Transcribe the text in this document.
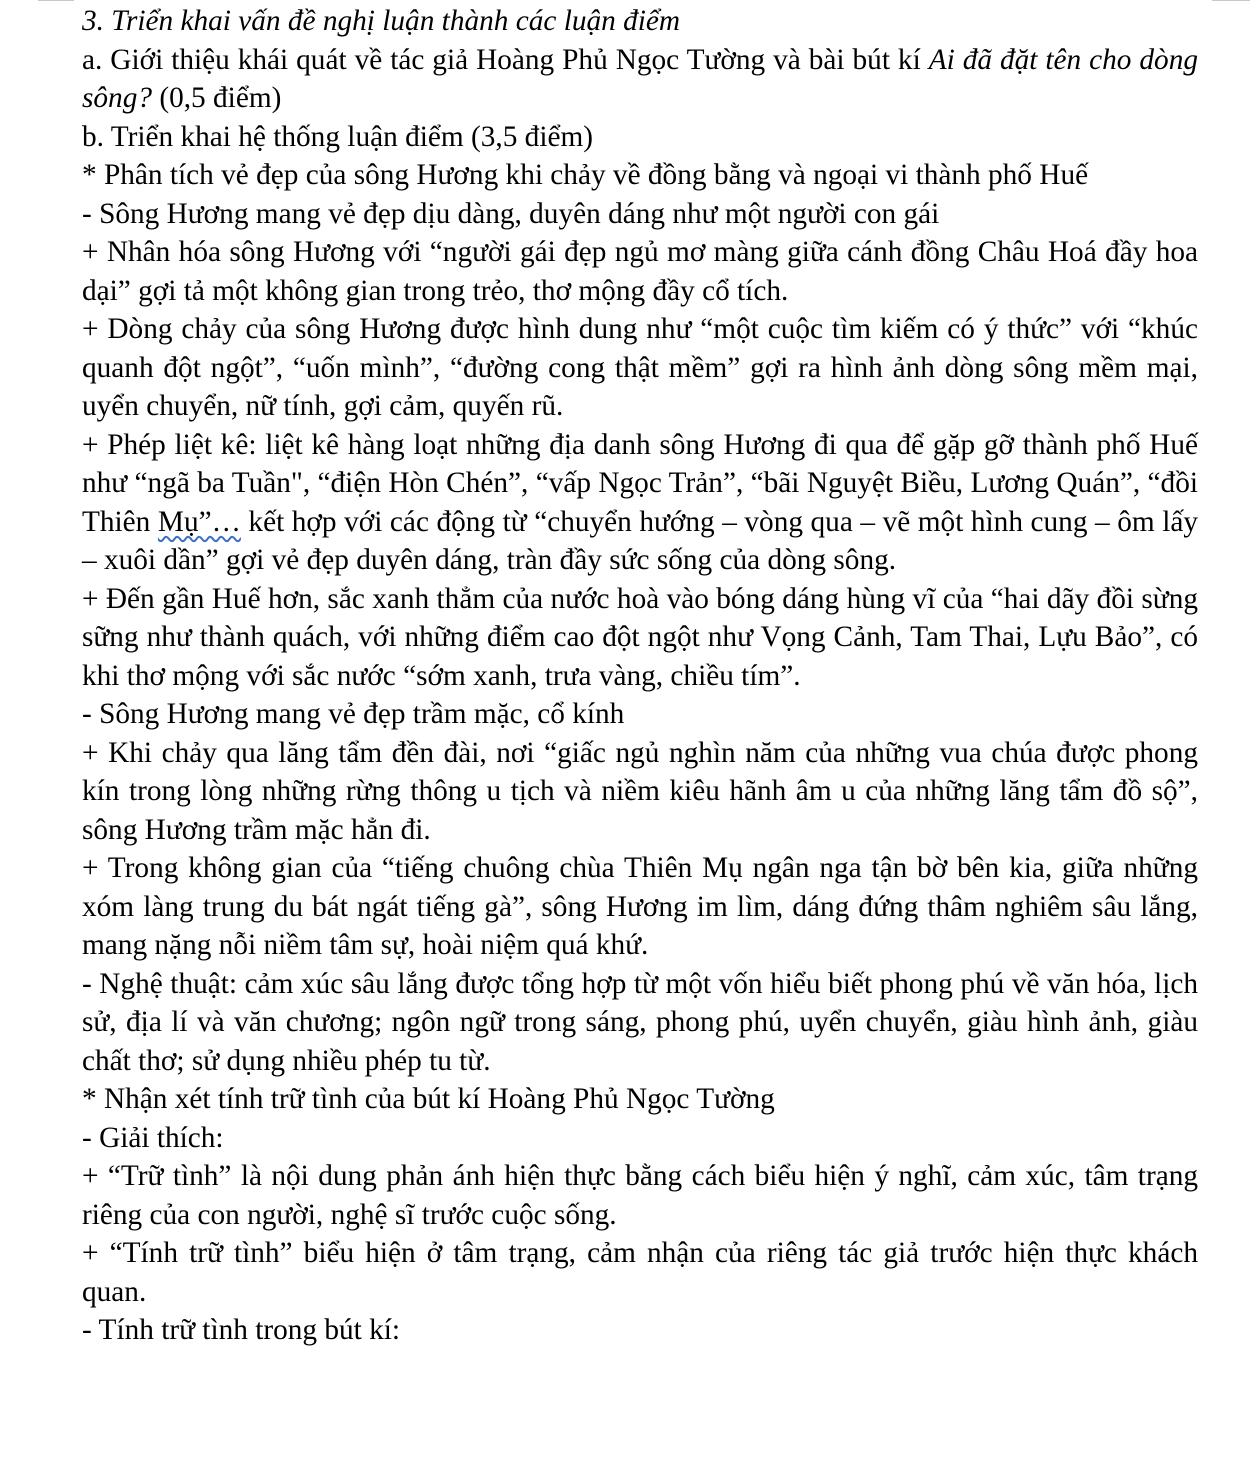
3. Triển khai vấn đề nghị luận thành các luận điểm

a. Giới thiệu khái quát về tác giả Hoàng Phủ Ngọc Tường và bài bút kí Ai đã đặt tên cho dòng sông? (0,5 điểm)

b. Triển khai hệ thống luận điểm (3,5 điểm)

* Phân tích vẻ đẹp của sông Hương khi chảy về đồng bằng và ngoại vi thành phố Huế

- Sông Hương mang vẻ đẹp dịu dàng, duyên dáng như một người con gái

+ Nhân hóa sông Hương với “người gái đẹp ngủ mơ màng giữa cánh đồng Châu Hoá đầy hoa dại” gợi tả một không gian trong trẻo, thơ mộng đầy cổ tích.

+ Dòng chảy của sông Hương được hình dung như “một cuộc tìm kiếm có ý thức” với “khúc quanh đột ngột”, “uốn mình”, “đường cong thật mềm” gợi ra hình ảnh dòng sông mềm mại, uyển chuyển, nữ tính, gợi cảm, quyến rũ.

+ Phép liệt kê: liệt kê hàng loạt những địa danh sông Hương đi qua để gặp gỡ thành phố Huế như “ngã ba Tuần", “điện Hòn Chén”, “vấp Ngọc Trản”, “bãi Nguyệt Biều, Lương Quán”, “đồi Thiên Mụ”… kết hợp với các động từ “chuyển hướng – vòng qua – vẽ một hình cung – ôm lấy – xuôi dần” gợi vẻ đẹp duyên dáng, tràn đầy sức sống của dòng sông.

+ Đến gần Huế hơn, sắc xanh thẳm của nước hoà vào bóng dáng hùng vĩ của “hai dãy đồi sừng sững như thành quách, với những điểm cao đột ngột như Vọng Cảnh, Tam Thai, Lựu Bảo”, có khi thơ mộng với sắc nước “sớm xanh, trưa vàng, chiều tím”.

- Sông Hương mang vẻ đẹp trầm mặc, cổ kính

+ Khi chảy qua lăng tẩm đền đài, nơi “giấc ngủ nghìn năm của những vua chúa được phong kín trong lòng những rừng thông u tịch và niềm kiêu hãnh âm u của những lăng tẩm đồ sộ”, sông Hương trầm mặc hẳn đi.

+ Trong không gian của “tiếng chuông chùa Thiên Mụ ngân nga tận bờ bên kia, giữa những xóm làng trung du bát ngát tiếng gà”, sông Hương im lìm, dáng đứng thâm nghiêm sâu lắng, mang nặng nỗi niềm tâm sự, hoài niệm quá khứ.

- Nghệ thuật: cảm xúc sâu lắng được tổng hợp từ một vốn hiểu biết phong phú về văn hóa, lịch sử, địa lí và văn chương; ngôn ngữ trong sáng, phong phú, uyển chuyển, giàu hình ảnh, giàu chất thơ; sử dụng nhiều phép tu từ.

* Nhận xét tính trữ tình của bút kí Hoàng Phủ Ngọc Tường

- Giải thích:

+ “Trữ tình” là nội dung phản ánh hiện thực bằng cách biểu hiện ý nghĩ, cảm xúc, tâm trạng riêng của con người, nghệ sĩ trước cuộc sống.

+ “Tính trữ tình” biểu hiện ở tâm trạng, cảm nhận của riêng tác giả trước hiện thực khách quan.

- Tính trữ tình trong bút kí:
